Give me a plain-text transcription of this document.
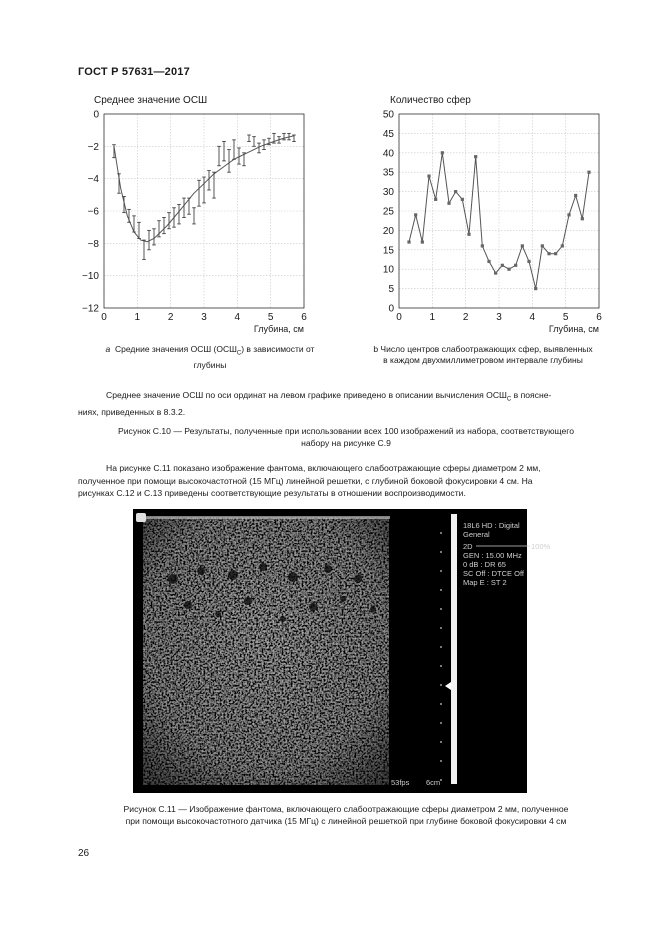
ГОСТ Р 57631—2017
Среднее значение ОСШ
0	1	2	3	4	5	6
0
−2
−4
−6
−8
−10
−12
Глубина, см
Количество сфер
0	1	2	3	4	5	6
0
5
10
15
20
25
30
35
40
45
50
Глубина, см
a Средние значения ОСШ $(ОСШ_C)$ в зависимости от
глубины
b Число центров слабоотражающих сфер, выявленных
в каждом двухмиллиметровом интервале глубины
Среднее значение ОСШ по оси ординат на левом графике приведено в описании вычисления $ОСШ_C$ в поясне-
ниях, приведенных в 8.3.2.
Рисунок С.10 — Результаты, полученные при использовании всех 100 изображений из набора, соответствующего
набору на рисунке С.9
На рисунке С.11 показано изображение фантома, включающего слабоотражающие сферы диаметром 2 мм,
полученное при помощи высокочастотной (15 МГц) линейной решетки, с глубиной боковой фокусировки 4 см. На
рисунках С.12 и С.13 приведены соответствующие результаты в отношении воспроизводимости.
18L6 HD : Digital
General
2D	100%
GEN : 15.00 MHz
0 dB : DR 65
SC Off : DTCE Off
Map E : ST 2
53fps 6cm
Рисунок С.11 — Изображение фантома, включающего слабоотражающие сферы диаметром 2 мм, полученное
при помощи высокочастотного датчика (15 МГц) с линейной решеткой при глубине боковой фокусировки 4 см
26
